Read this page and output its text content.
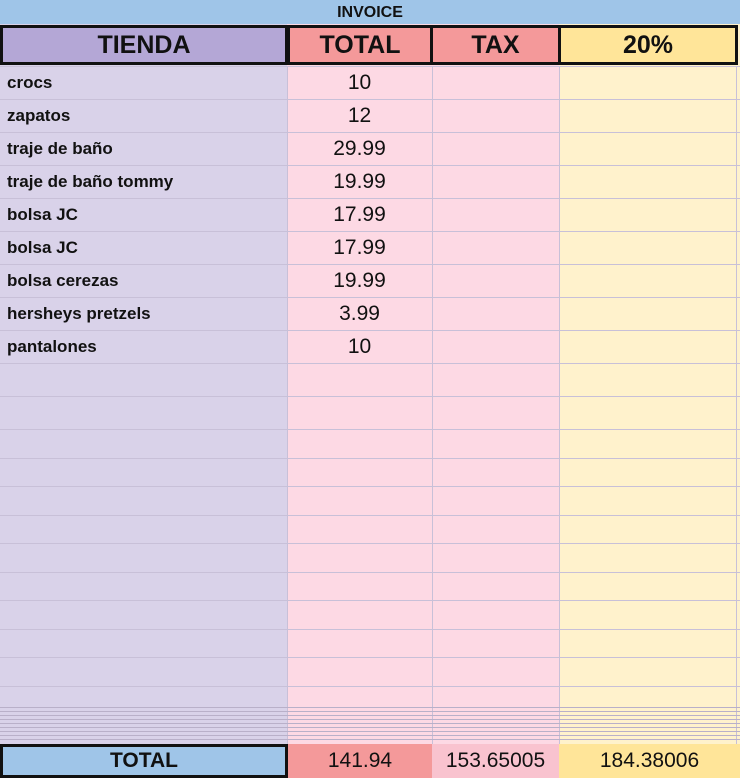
INVOICE
TIENDA	TOTAL	TAX	20%
crocs	10
zapatos	12
traje de baño	29.99
traje de baño tommy	19.99
bolsa JC	17.99
bolsa JC	17.99
bolsa cerezas	19.99
hersheys pretzels	3.99
pantalones	10
TOTAL	141.94	153.65005	184.38006
